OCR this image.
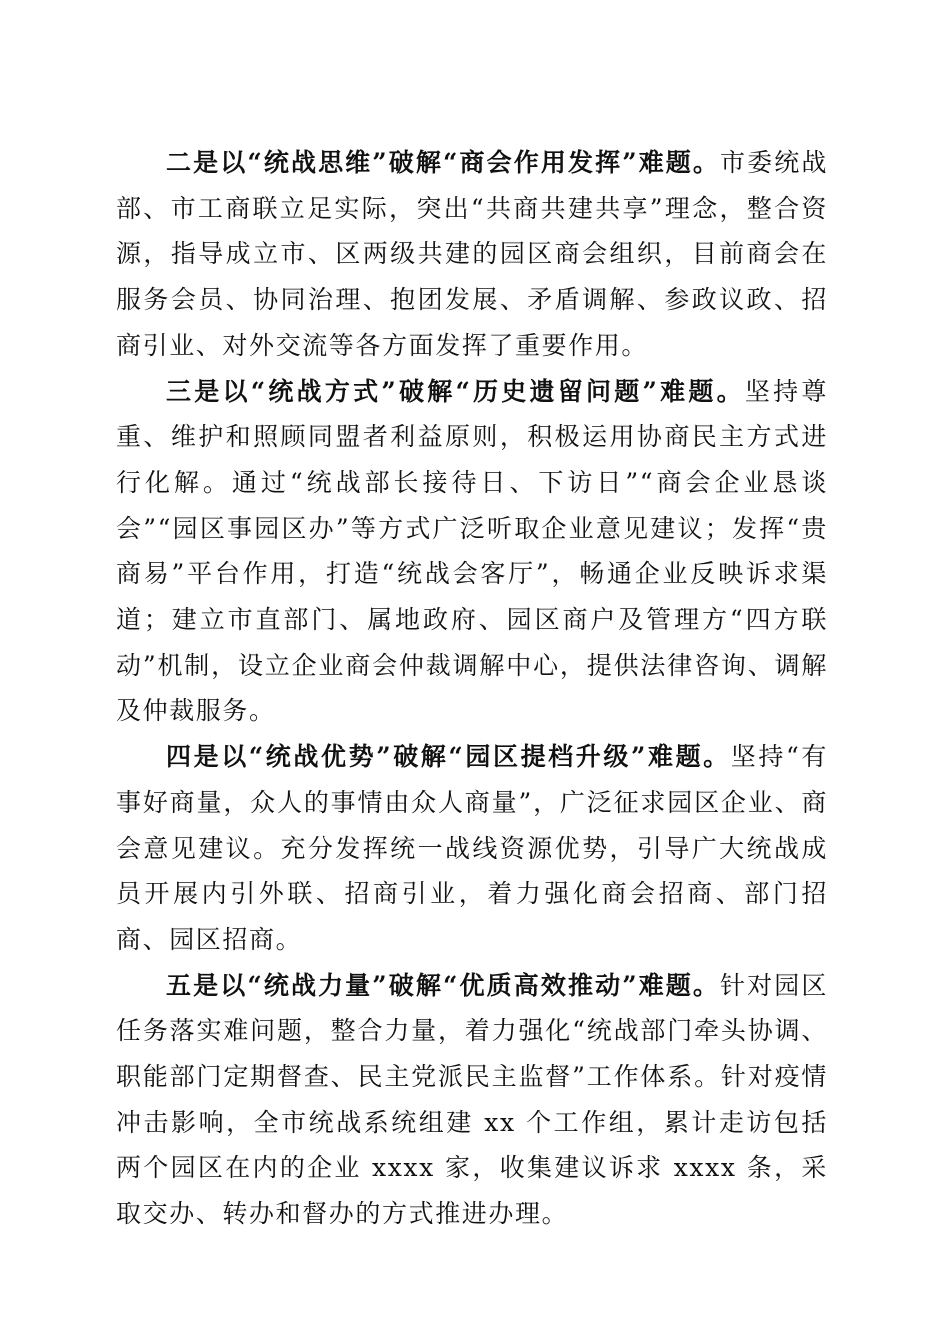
二是以“统战思维”破解“商会作用发挥”难题。市委统战部、市工商联立足实际，突出“共商共建共享”理念，整合资源，指导成立市、区两级共建的园区商会组织，目前商会在服务会员、协同治理、抱团发展、矛盾调解、参政议政、招商引业、对外交流等各方面发挥了重要作用。

三是以“统战方式”破解“历史遗留问题”难题。坚持尊重、维护和照顾同盟者利益原则，积极运用协商民主方式进行化解。通过“统战部长接待日、下访日”“商会企业恳谈会”“园区事园区办”等方式广泛听取企业意见建议；发挥“贵商易”平台作用，打造“统战会客厅”，畅通企业反映诉求渠道；建立市直部门、属地政府、园区商户及管理方“四方联动”机制，设立企业商会仲裁调解中心，提供法律咨询、调解及仲裁服务。

四是以“统战优势”破解“园区提档升级”难题。坚持“有事好商量，众人的事情由众人商量”，广泛征求园区企业、商会意见建议。充分发挥统一战线资源优势，引导广大统战成员开展内引外联、招商引业，着力强化商会招商、部门招商、园区招商。

五是以“统战力量”破解“优质高效推动”难题。针对园区任务落实难问题，整合力量，着力强化“统战部门牵头协调、职能部门定期督查、民主党派民主监督”工作体系。针对疫情冲击影响，全市统战系统组建 xx 个工作组，累计走访包括两个园区在内的企业 xxxx 家，收集建议诉求 xxxx 条，采取交办、转办和督办的方式推进办理。
